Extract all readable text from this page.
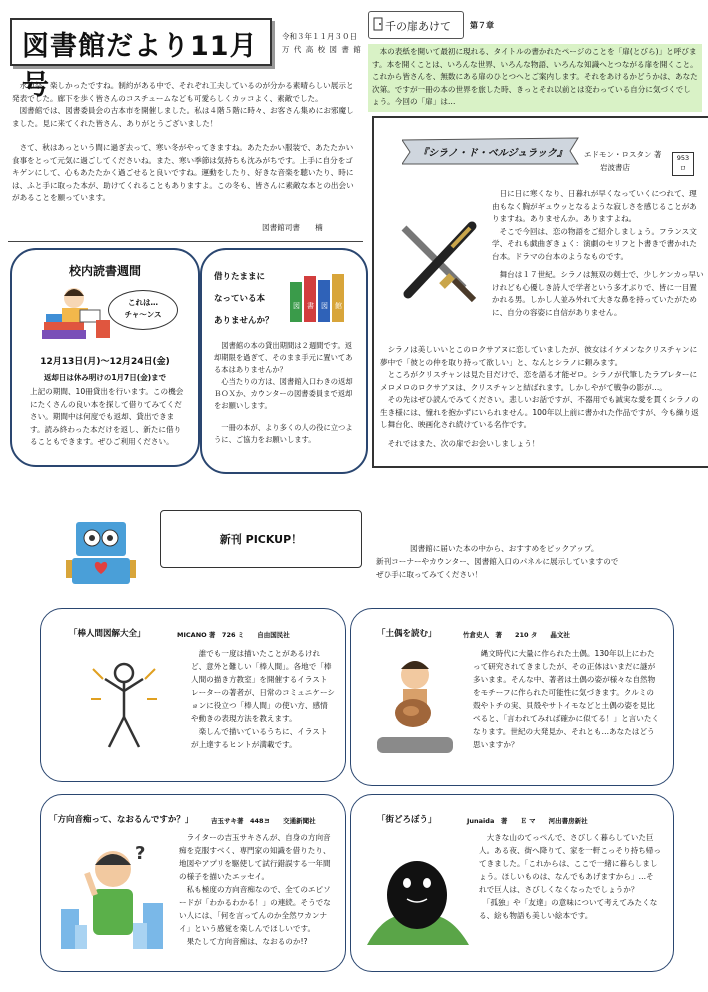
図書館だより11月号
令和３年１１月３０日
万 代 高 校 図 書 館

水節祭、楽しかったですね。制約がある中で、それぞれ工夫しているのが分かる素晴らしい展示と発表でした。廊下を歩く皆さんのコスチュームなども可愛らしくカッコよく、素敵でした。

図書館では、図書委員会の古本市を開催しました。私は４階５階に時々、お客さん集めにお邪魔しました。見に来てくれた皆さん、ありがとうございました！

さて、秋はあっという間に過ぎ去って、寒い冬がやってきますね。あたたかい服装で、あたたかい食事をとって元気に過ごしてくださいね。また、寒い季節は気持ちも沈みがちです。上手に自分をゴキゲンにして、心もあたたかく過ごせると良いですね。運動をしたり、好きな音楽を聴いたり、時には、ふと手に取った本が、助けてくれることもありますよ。この冬も、皆さんに素敵な本との出会いがあることを願っています。

図書館司書　　楠
校内読書週間
これは…
チャ～ンス
12月13日(月)～12月24日(金)
返却日は休み明けの1月7日(金)まで
上記の期間、10冊貸出を行います。この機会にたくさんの良い本を探して借りてみてください。期間中は何度でも返却、貸出できます。読み終わった本だけを返し、新たに借りることもできます。ぜひご利用ください。
借りたままに
なっている本
ありませんか？
図 書 図 館

図書館の本の貸出期間は２週間です。返却期限を過ぎて、そのまま手元に置いてある本はありませんか？

心当たりの方は、図書館入口わきの返却ＢＯＸか、カウンターの図書委員まで返却をお願いします。

一冊の本が、より多くの人の役に立つように、ご協力をお願いします。

千の扉あけて 第７章

本の表紙を開いて最初に現れる、タイトルの書かれたページのことを「扉(とびら)」と呼びます。本を開くことは、いろんな世界、いろんな物語、いろんな知識へとつながる扉を開くこと。これから皆さんを、無数にある扉のひとつへとご案内します。それをあけるかどうかは、あなた次第。ですが一冊の本の世界を旅した時、きっとそれ以前とは変わっている自分に気づくでしょう。今回の「扉」は…

『シラノ・ド・ベルジュラック』 エドモン・ロスタン 著
岩波書店
953
ロ

日に日に寒くなり、日暮れが早くなっていくにつれて、理由もなく胸がギュウッとなるような寂しさを感じることがありますね。ありませんか。ありますよね。

そこで今回は、恋の物語をご紹介しましょう。フランス文学、それも戯曲ぎきょく：演劇のセリフと卜書きで書かれた台本。ドラマの台本のようなものです。

舞台は１７世紀。シラノは無双の剣士で、少しケンカっ早いけれども心優しき詩人で学者という多才ぶりで、皆に一目置かれる男。しかし人並み外れて大きな鼻を持っていたがために、自分の容姿に自信がありません。

シラノは美しいいとこのロクサアヌに恋していましたが、彼女はイケメンなクリスチャンに夢中で「彼との仲を取り持って欲しい」と、なんとシラノに頼みます。

ところがクリスチャンは見た目だけで、恋を語る才能ゼロ。シラノが代筆したラブレターにメロメロのロクサアヌは、クリスチャンと結ばれます。しかしやがて戦争の影が…。

その先はぜひ読んでみてください。悲しいお話ですが、不器用でも誠実な愛を貫くシラノの生き様には、憧れを抱かずにいられません。100年以上前に書かれた作品ですが、今も繰り返し舞台化、映画化され続けている名作です。

それではまた、次の扉でお会いしましょう！

新刊 PICKUP！
図書館に届いた本の中から、おすすめをピックアップ。
新刊コーナーやカウンター、図書館入口のパネルに展示していますので
ぜひ手に取ってみてください！
「棒人間図解大全」	MICANO 著　726 ミ　　自由国民社
誰でも一度は描いたことがあるけれど、意外と難しい「棒人間」。各地で「棒人間の描き方教室」を開催するイラストレーターの著者が、日常のコミュニケーションに役立つ「棒人間」の使い方、感情や動きの表現方法を教えます。
　楽しんで描いているうちに、イラストが上達するヒントが満載です。
「土偶を読む」	竹倉史人　著　　210 タ　　晶文社
縄文時代に大量に作られた土偶。130年以上にわたって研究されてきましたが、その正体はいまだに謎が多いまま。そんな中、著者は土偶の姿が様々な自然物をモチーフに作られた可能性に気づきます。クルミの殻やトチの実、貝殻やサトイモなどと土偶の姿を見比べると、「言われてみれば確かに似てる！」と言いたくなります。世紀の大発見か、それとも…あなたはどう思いますか？
「方向音痴って、なおるんですか？」	吉玉サキ著　448ヨ　　交通新聞社
?
ライターの吉玉サキさんが、自身の方向音痴を克服すべく、専門家の知識を借りたり、地図やアプリを駆使して試行錯誤する一年間の様子を描いたエッセイ。
　私も極度の方向音痴なので、全てのエピソードが「わかるわかる！」の連続。そうでない人には、「何を言ってんのか全然ワカンナイ」という感覚を楽しんでほしいです。
　果たして方向音痴は、なおるのか!?
「街どろぼう」	Junaida　著　　Ｅ マ　　河出書房新社
大きな山のてっぺんで、さびしく暮らしていた巨人。ある夜、街へ降りて、家を一軒こっそり持ち帰ってきました。「これからは、ここで一緒に暮らしましょう。ほしいものは、なんでもあげますから」…それで巨人は、さびしくなくなったでしょうか？
　「孤独」や「友達」の意味について考えてみたくなる、絵も物語も美しい絵本です。
